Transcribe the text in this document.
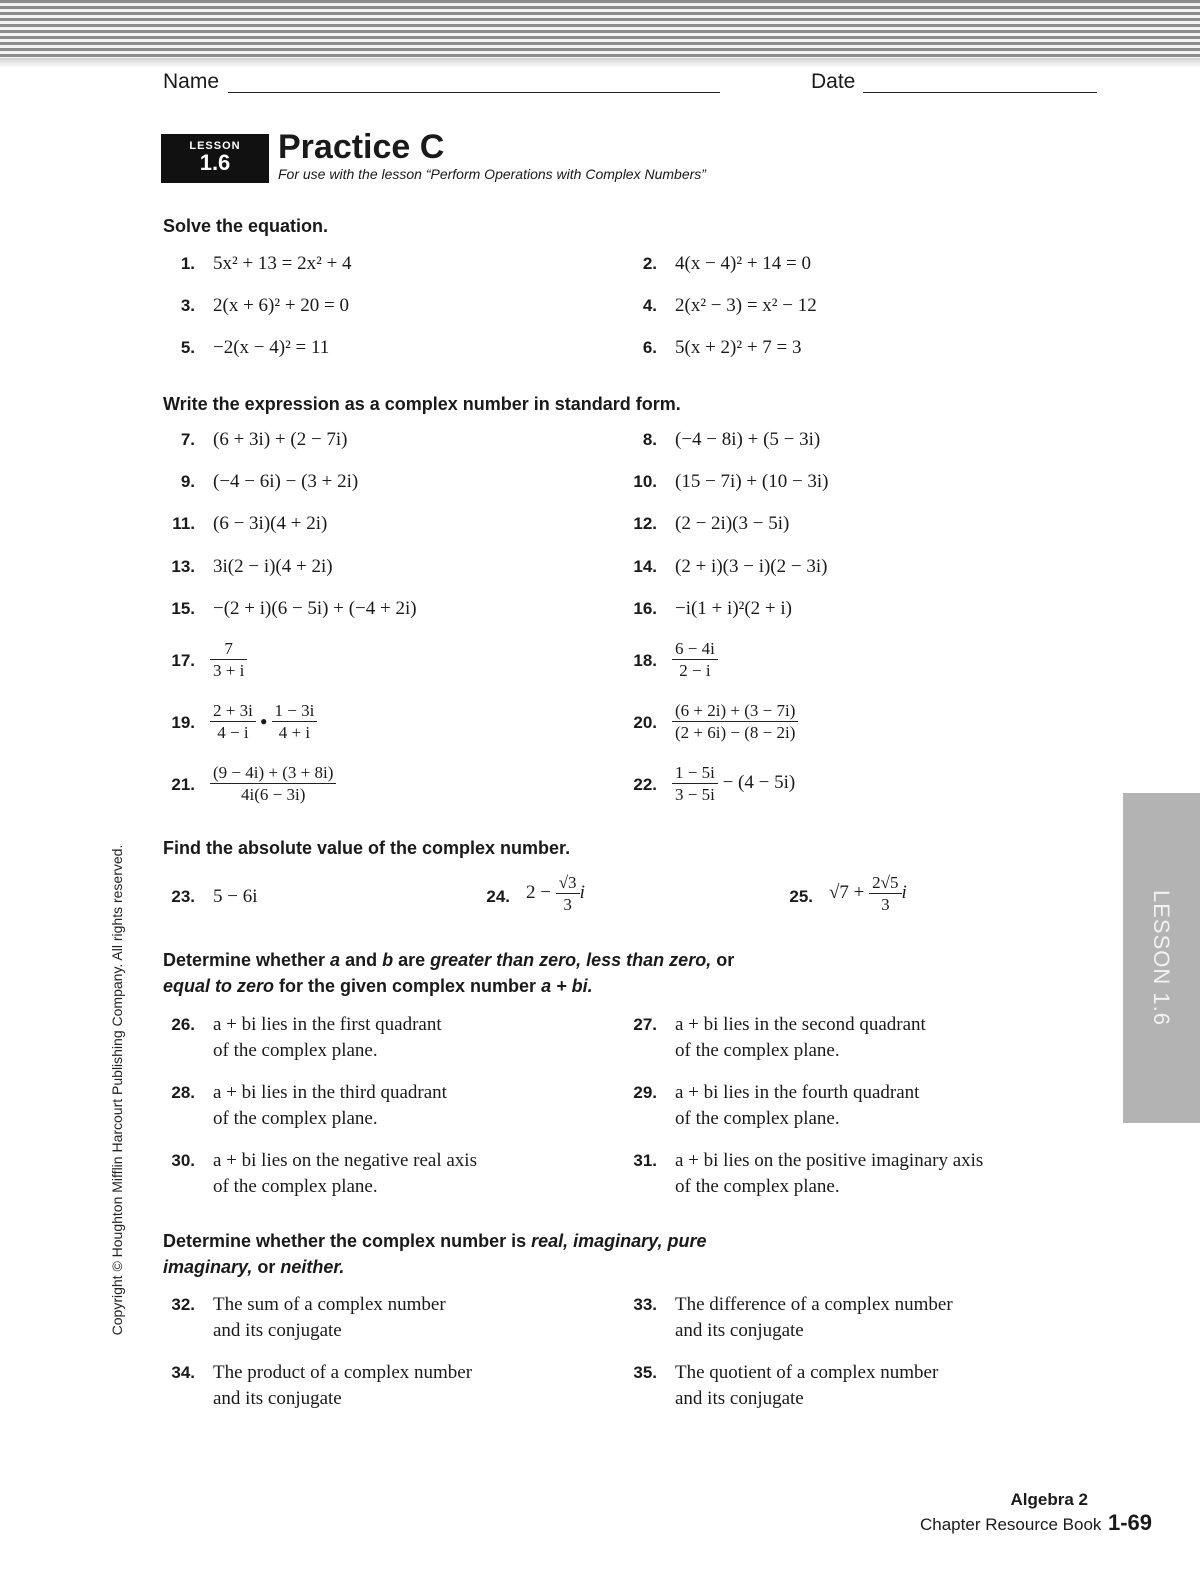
Name	Date
LESSON
1.6	Practice C
For use with the lesson “Perform Operations with Complex Numbers”
Solve the equation.
1. 5x² + 13 = 2x² + 4	2. 4(x − 4)² + 14 = 0
3. 2(x + 6)² + 20 = 0	4. 2(x² − 3) = x² − 12
5. −2(x − 4)² = 11	6. 5(x + 2)² + 7 = 3
Write the expression as a complex number in standard form.
7. (6 + 3i) + (2 − 7i)	8. (−4 − 8i) + (5 − 3i)
9. (−4 − 6i) − (3 + 2i)	10. (15 − 7i) + (10 − 3i)
11. (6 − 3i)(4 + 2i)	12. (2 − 2i)(3 − 5i)
13. 3i(2 − i)(4 + 2i)	14. (2 + i)(3 − i)(2 − 3i)
15. −(2 + i)(6 − 5i) + (−4 + 2i)	16. −i(1 + i)²(2 + i)
17. $\frac{7}{3 + i}$	18. $\frac{6 - 4i}{2 - i}$
19. $\frac{2 + 3i}{4 - i}$ • $\frac{1 - 3i}{4 + i}$	20. $\frac{(6 + 2i) + (3 - 7i)}{(2 + 6i) - (8 - 2i)}$
21. $\frac{(9 - 4i) + (3 + 8i)}{4i(6 - 3i)}$	22. $\frac{1 - 5i}{3 - 5i} - (4 - 5i)$
Find the absolute value of the complex number.
23. 5 − 6i	24. $2 - \frac{√3}{3}$ i	25. $√7 + \frac{2√5}{3}$ i
Determine whether a and b are greater than zero, less than zero, or
equal to zero for the given complex number a + bi.
26. a + bi lies in the first quadrant
of the complex plane.
27. a + bi lies in the second quadrant
of the complex plane.
28. a + bi lies in the third quadrant
of the complex plane.
29. a + bi lies in the fourth quadrant
of the complex plane.
30. a + bi lies on the negative real axis
of the complex plane.
31. a + bi lies on the positive imaginary axis
of the complex plane.
Determine whether the complex number is real, imaginary, pure
imaginary, or neither.
32. The sum of a complex number
and its conjugate
33. The difference of a complex number
and its conjugate
34. The product of a complex number
and its conjugate
35. The quotient of a complex number
and its conjugate
Copyright © Houghton Mifflin Harcourt Publishing Company. All rights reserved.	LESSON 1.6
Algebra 2
Chapter Resource Book 1-69
